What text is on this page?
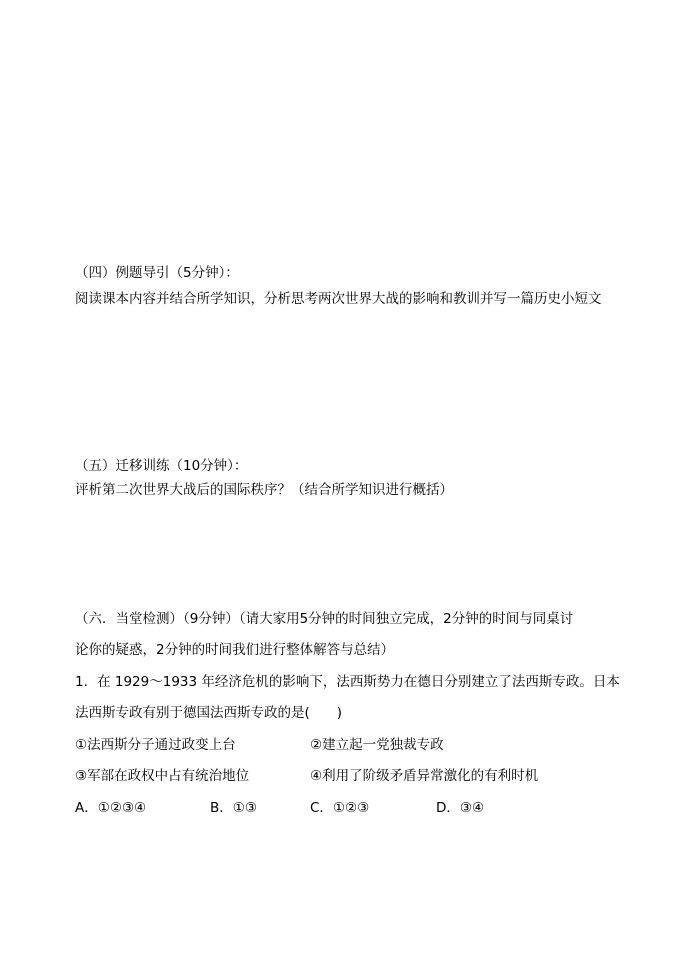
（四）例题导引（5分钟）：
阅读课本内容并结合所学知识，分析思考两次世界大战的影响和教训并写一篇历史小短文
（五）迁移训练（10分钟）：
评析第二次世界大战后的国际秩序？（结合所学知识进行概括）
（六．当堂检测）（9分钟）（请大家用5分钟的时间独立完成，2分钟的时间与同桌讨
论你的疑惑，2分钟的时间我们进行整体解答与总结）
1．在 1929～1933 年经济危机的影响下，法西斯势力在德日分别建立了法西斯专政。日本
法西斯专政有别于德国法西斯专政的是(　　)
①法西斯分子通过政变上台	②建立起一党独裁专政
③军部在政权中占有统治地位	④利用了阶级矛盾异常激化的有利时机
A．①②③④	B．①③	C．①②③	D．③④
